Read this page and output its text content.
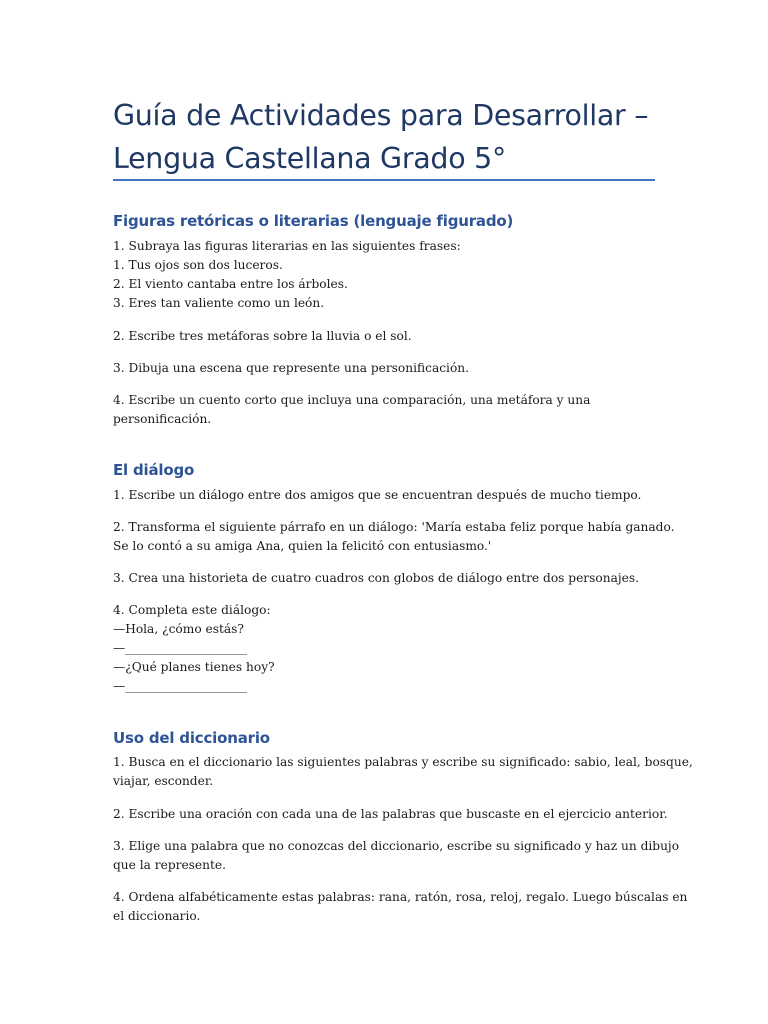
Guía de Actividades para Desarrollar –
Lengua Castellana Grado 5°
Figuras retóricas o literarias (lenguaje figurado)
1. Subraya las figuras literarias en las siguientes frases:
1. Tus ojos son dos luceros.
2. El viento cantaba entre los árboles.
3. Eres tan valiente como un león.
2. Escribe tres metáforas sobre la lluvia o el sol.
3. Dibuja una escena que represente una personificación.
4. Escribe un cuento corto que incluya una comparación, una metáfora y una
personificación.
El diálogo
1. Escribe un diálogo entre dos amigos que se encuentran después de mucho tiempo.
2. Transforma el siguiente párrafo en un diálogo: 'María estaba feliz porque había ganado.
Se lo contó a su amiga Ana, quien la felicitó con entusiasmo.'
3. Crea una historieta de cuatro cuadros con globos de diálogo entre dos personajes.
4. Completa este diálogo:
—Hola, ¿cómo estás?
—____________________
—¿Qué planes tienes hoy?
—____________________
Uso del diccionario
1. Busca en el diccionario las siguientes palabras y escribe su significado: sabio, leal, bosque,
viajar, esconder.
2. Escribe una oración con cada una de las palabras que buscaste en el ejercicio anterior.
3. Elige una palabra que no conozcas del diccionario, escribe su significado y haz un dibujo
que la represente.
4. Ordena alfabéticamente estas palabras: rana, ratón, rosa, reloj, regalo. Luego búscalas en
el diccionario.
